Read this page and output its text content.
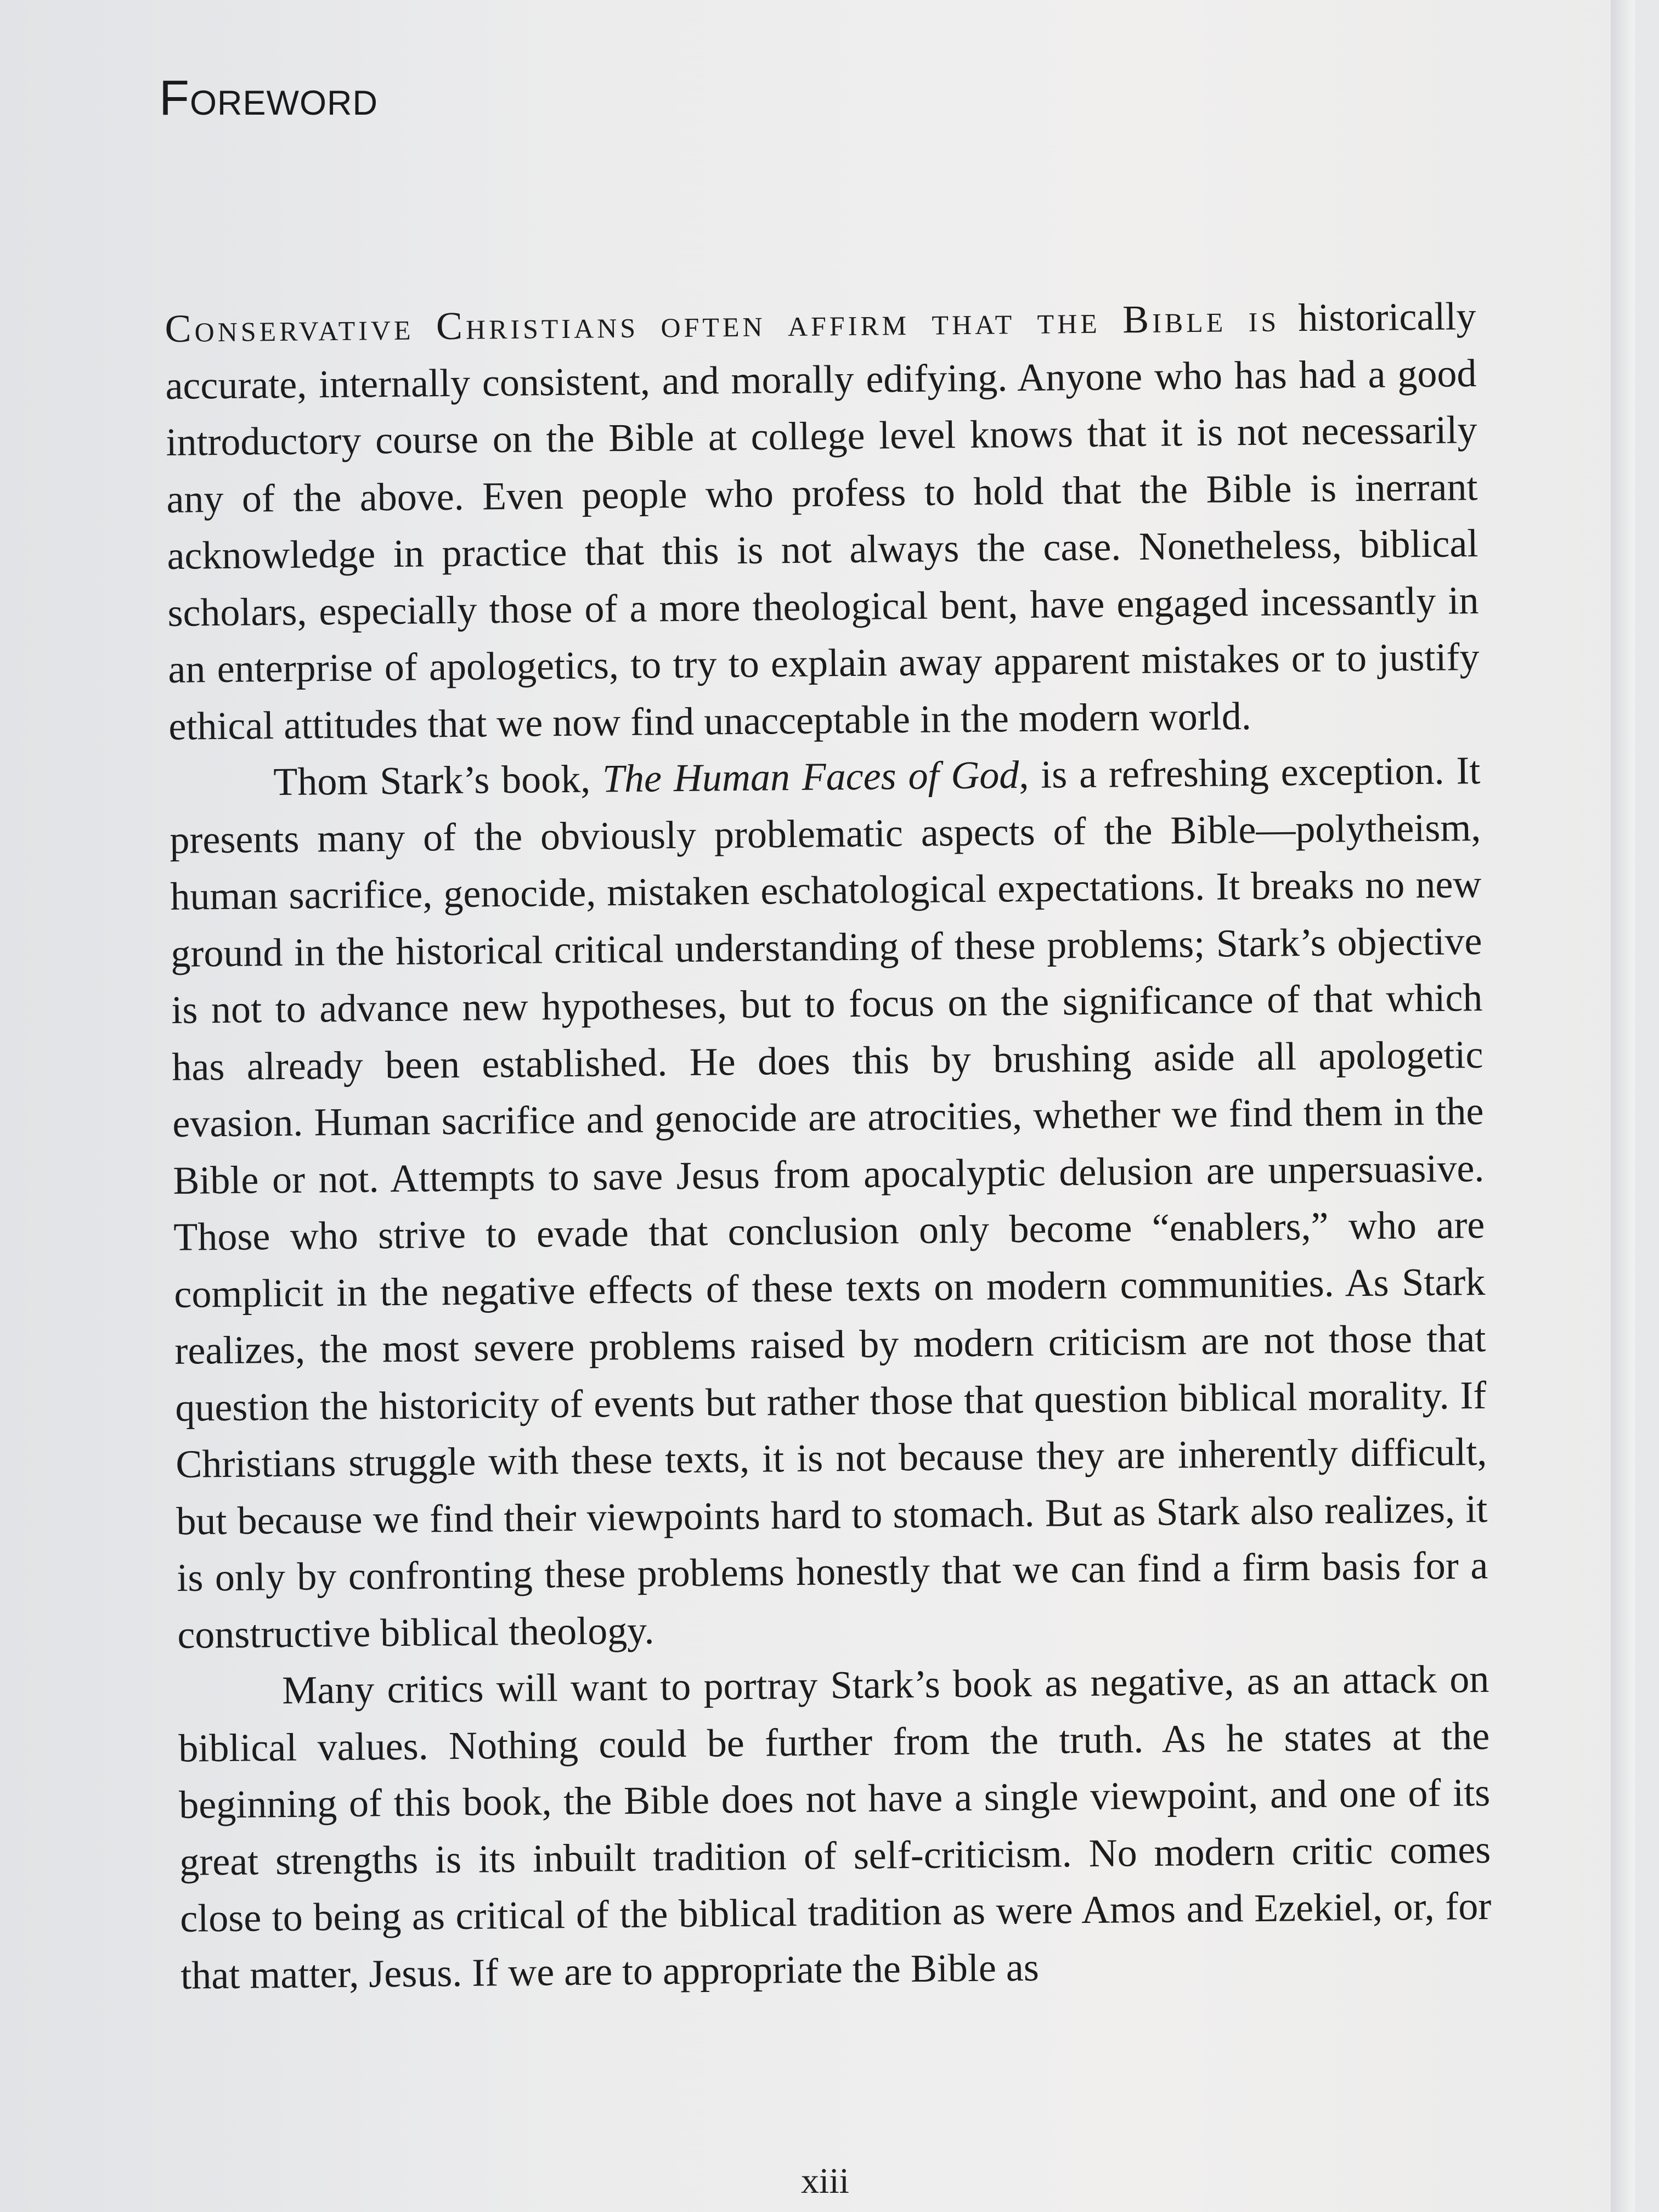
Foreword

Conservative Christians often affirm that the Bible is historically accurate, internally consistent, and morally edifying. Anyone who has had a good introductory course on the Bible at college level knows that it is not necessarily any of the above. Even people who profess to hold that the Bible is inerrant acknowledge in practice that this is not always the case. Nonetheless, biblical scholars, especially those of a more theological bent, have engaged incessantly in an enterprise of apologetics, to try to explain away apparent mistakes or to justify ethical attitudes that we now find unacceptable in the modern world.

Thom Stark’s book, The Human Faces of God, is a refreshing exception. It presents many of the obviously problematic aspects of the Bible—polytheism, human sacrifice, genocide, mistaken eschatological expectations. It breaks no new ground in the historical critical understanding of these problems; Stark’s objective is not to advance new hypotheses, but to focus on the significance of that which has already been established. He does this by brushing aside all apologetic evasion. Human sacrifice and genocide are atrocities, whether we find them in the Bible or not. Attempts to save Jesus from apocalyptic delusion are unpersuasive. Those who strive to evade that conclusion only become “enablers,” who are complicit in the negative effects of these texts on modern communities. As Stark realizes, the most severe problems raised by modern criticism are not those that question the historicity of events but rather those that question biblical morality. If Christians struggle with these texts, it is not because they are inherently difficult, but because we find their viewpoints hard to stomach. But as Stark also realizes, it is only by confronting these problems honestly that we can find a firm basis for a constructive biblical theology.

Many critics will want to portray Stark’s book as negative, as an attack on biblical values. Nothing could be further from the truth. As he states at the beginning of this book, the Bible does not have a single viewpoint, and one of its great strengths is its inbuilt tradition of self-criticism. No modern critic comes close to being as critical of the biblical tradition as were Amos and Ezekiel, or, for that matter, Jesus. If we are to appropriate the Bible as

xiii
